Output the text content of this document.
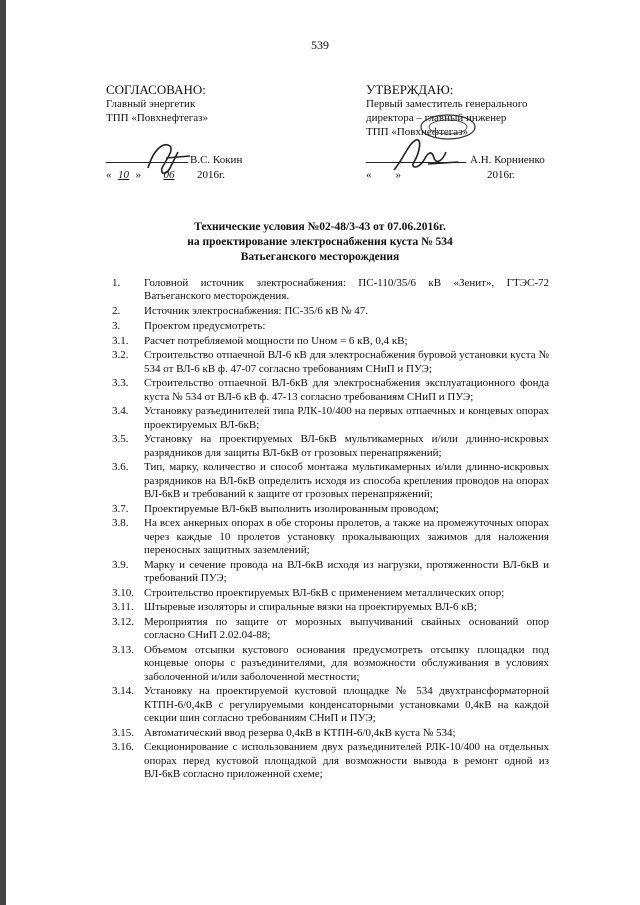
539
СОГЛАСОВАНО:
Главный энергетик
ТПП «Повхнефтегаз»
В.С. Кокин
« 10 » 06 2016г.
УТВЕРЖДАЮ:
Первый заместитель генерального
директора – главный инженер
ТПП «Повхнефтегаз»
А.Н. Корниенко
« »	2016г.
Технические условия №02-48/3-43 от 07.06.2016г.
на проектирование электроснабжения куста № 534
Ватьеганского месторождения
1.	Головной источник электроснабжения: ПС-110/35/6 кВ «Зенит», ГТЭС-72 Ватьеганского месторождения.
2.	Источник электроснабжения: ПС-35/6 кВ № 47.
3.	Проектом предусмотреть:
3.1.	Расчет потребляемой мощности по Uном = 6 кВ, 0,4 кВ;
3.2.	Строительство отпаечной ВЛ-6 кВ для электроснабжения буровой установки куста № 534 от ВЛ-6 кВ ф. 47-07 согласно требованиям СНиП и ПУЭ;
3.3.	Строительство отпаечной ВЛ-6кВ для электроснабжения эксплуатационного фонда куста № 534 от ВЛ-6 кВ ф. 47-13 согласно требованиям СНиП и ПУЭ;
3.4.	Установку разъединителей типа РЛК-10/400 на первых отпаечных и концевых опорах проектируемых ВЛ-6кВ;
3.5.	Установку на проектируемых ВЛ-6кВ мультикамерных и/или длинно-искровых разрядников для защиты ВЛ-6кВ от грозовых перенапряжений;
3.6.	Тип, марку, количество и способ монтажа мультикамерных и/или длинно-искровых разрядников на ВЛ-6кВ определить исходя из способа крепления проводов на опорах ВЛ-6кВ и требований к защите от грозовых перенапряжений;
3.7.	Проектируемые ВЛ-6кВ выполнить изолированным проводом;
3.8.	На всех анкерных опорах в обе стороны пролетов, а также на промежуточных опорах через каждые 10 пролетов установку прокалывающих зажимов для наложения переносных защитных заземлений;
3.9.	Марку и сечение провода на ВЛ-6кВ исходя из нагрузки, протяженности ВЛ-6кВ и требований ПУЭ;
3.10. Строительство проектируемых ВЛ-6кВ с применением металлических опор;
3.11. Штыревые изоляторы и спиральные вязки на проектируемых ВЛ-6 кВ;
3.12. Мероприятия по защите от морозных выпучиваний свайных оснований опор согласно СНиП 2.02.04-88;
3.13. Объемом отсыпки кустового основания предусмотреть отсыпку площадки под концевые опоры с разъединителями, для возможности обслуживания в условиях заболоченной и/или заболоченной местности;
3.14. Установку на проектируемой кустовой площадке № 534 двухтрансформаторной КТПН-6/0,4кВ с регулируемыми конденсаторными установками 0,4кВ на каждой секции шин согласно требованиям СНиП и ПУЭ;
3.15. Автоматический ввод резерва 0,4кВ в КТПН-6/0,4кВ куста № 534;
3.16. Секционирование с использованием двух разъединителей РЛК-10/400 на отдельных опорах перед кустовой площадкой для возможности вывода в ремонт одной из ВЛ-6кВ согласно приложенной схеме;
